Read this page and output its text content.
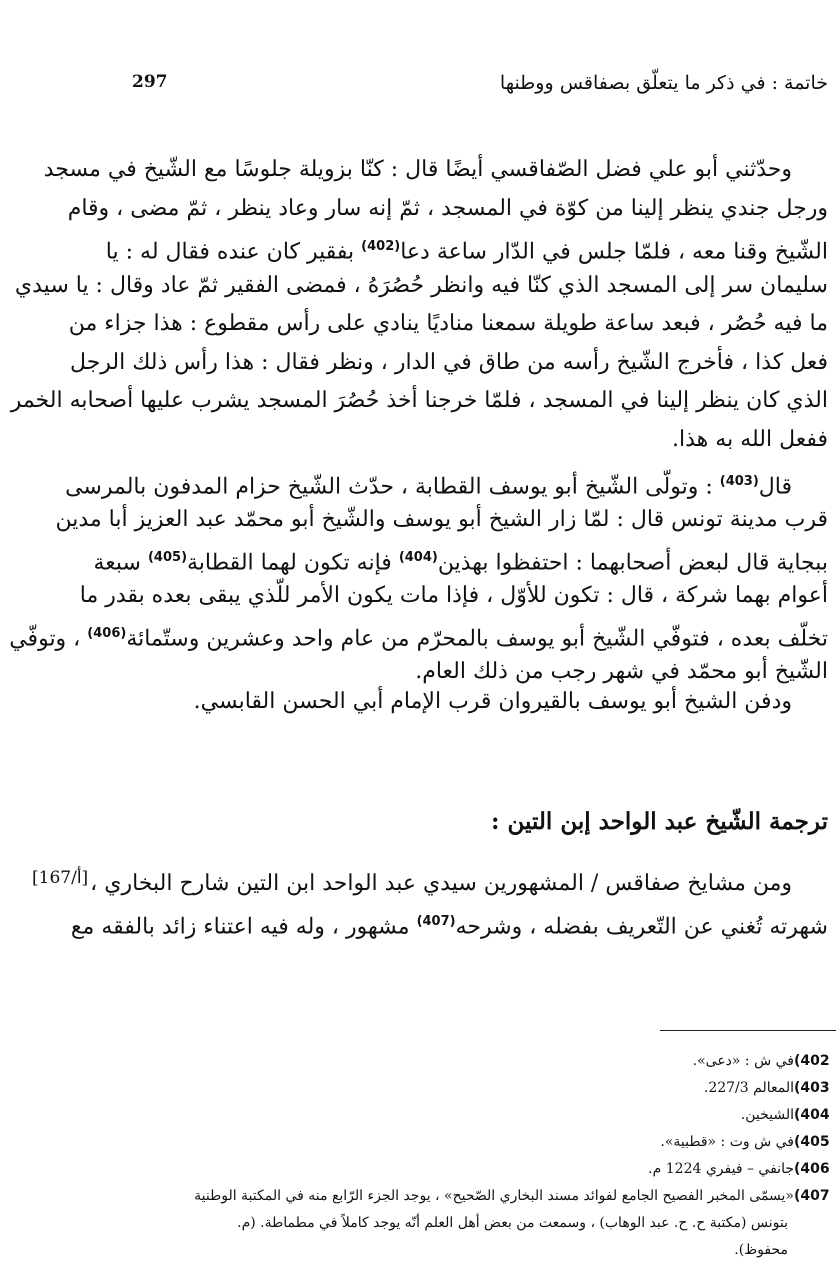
297	خاتمة : في ذكر ما يتعلّق بصفاقس ووطنها
وحدّثني أبو علي فضل الصّفاقسي أيضًا قال : كنّا بزويلة جلوسًا مع الشّيخ في مسجد
ورجل جندي ينظر إلينا من كوّة في المسجد ، ثمّ إنه سار وعاد ينظر ، ثمّ مضى ، وقام
الشّيخ وقنا معه ، فلمّا جلس في الدّار ساعة دعا$^{(402)}$ بفقير كان عنده فقال له : يا
سليمان سر إلى المسجد الذي كنّا فيه وانظر حُصُرَهُ ، فمضى الفقير ثمّ عاد وقال : يا سيدي
ما فيه حُصُر ، فبعد ساعة طويلة سمعنا مناديًا ينادي على رأس مقطوع : هذا جزاء من
فعل كذا ، فأخرج الشّيخ رأسه من طاق في الدار ، ونظر فقال : هذا رأس ذلك الرجل
الذي كان ينظر إلينا في المسجد ، فلمّا خرجنا أخذ حُصُرَ المسجد يشرب عليها أصحابه الخمر
ففعل الله به هذا.
قال$^{(403)}$ : وتولّى الشّيخ أبو يوسف القطابة ، حدّث الشّيخ حزام المدفون بالمرسى
قرب مدينة تونس قال : لمّا زار الشيخ أبو يوسف والشّيخ أبو محمّد عبد العزيز أبا مدين
ببجاية قال لبعض أصحابهما : احتفظوا بهذين$^{(404)}$ فإنه تكون لهما القطابة$^{(405)}$ سبعة
أعوام بهما شركة ، قال : تكون للأوّل ، فإذا مات يكون الأمر للّذي يبقى بعده بقدر ما
تخلّف بعده ، فتوفّي الشّيخ أبو يوسف بالمحرّم من عام واحد وعشرين وستّمائة$^{(406)}$ ، وتوفّي
الشّيخ أبو محمّد في شهر رجب من ذلك العام.
ودفن الشيخ أبو يوسف بالقيروان قرب الإمام أبي الحسن القابسي.
ترجمة الشّيخ عبد الواحد إبن التين :
[167/أ] ومن مشايخ صفاقس / المشهورين سيدي عبد الواحد ابن التين شارح البخاري ،
شهرته تُغني عن التّعريف بفضله ، وشرحه$^{(407)}$ مشهور ، وله فيه اعتناء زائد بالفقه مع
(402في ش : «دعى».
(403المعالم 227/3.
(404الشيخين.
(405في ش وت : «قطبية».
(406جانفي – فيفري 1224 م.
(407«يسمّى المخبر الفصيح الجامع لفوائد مسند البخاري الصّحيح» ، يوجد الجزء الرّابع منه في المكتبة الوطنية
بتونس (مكتبة ح. ح. عبد الوهاب) ، وسمعت من بعض أهل العلم أنّه يوجد كاملاً في مطماطة. (م.
محفوظ).
